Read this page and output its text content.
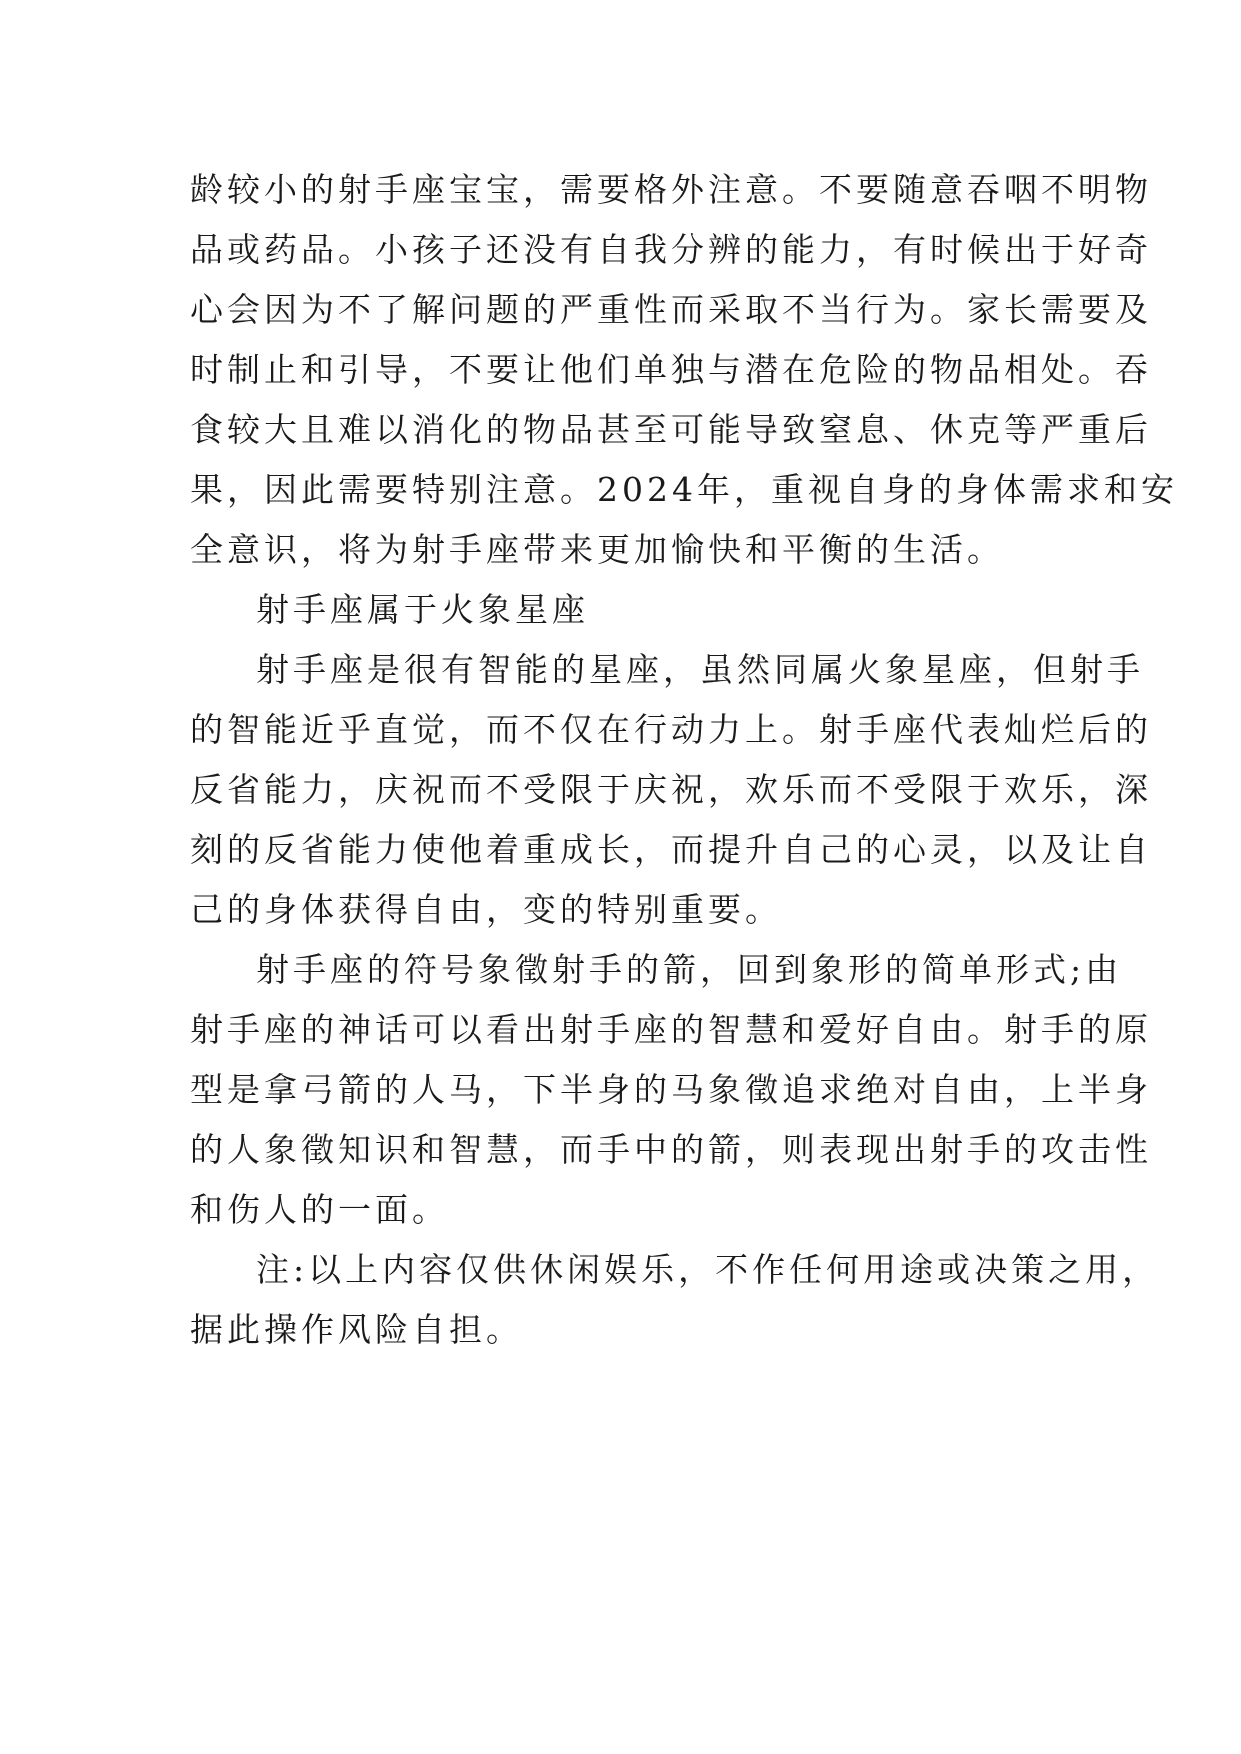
龄较小的射手座宝宝，需要格外注意。不要随意吞咽不明物
品或药品。小孩子还没有自我分辨的能力，有时候出于好奇
心会因为不了解问题的严重性而采取不当行为。家长需要及
时制止和引导，不要让他们单独与潜在危险的物品相处。吞
食较大且难以消化的物品甚至可能导致窒息、休克等严重后
果，因此需要特别注意。2024年，重视自身的身体需求和安
全意识，将为射手座带来更加愉快和平衡的生活。
射手座属于火象星座
射手座是很有智能的星座，虽然同属火象星座，但射手
的智能近乎直觉，而不仅在行动力上。射手座代表灿烂后的
反省能力，庆祝而不受限于庆祝，欢乐而不受限于欢乐，深
刻的反省能力使他着重成长，而提升自己的心灵，以及让自
己的身体获得自由，变的特别重要。
射手座的符号象徵射手的箭，回到象形的简单形式;由
射手座的神话可以看出射手座的智慧和爱好自由。射手的原
型是拿弓箭的人马，下半身的马象徵追求绝对自由，上半身
的人象徵知识和智慧，而手中的箭，则表现出射手的攻击性
和伤人的一面。
注:以上内容仅供休闲娱乐，不作任何用途或决策之用，
据此操作风险自担。
